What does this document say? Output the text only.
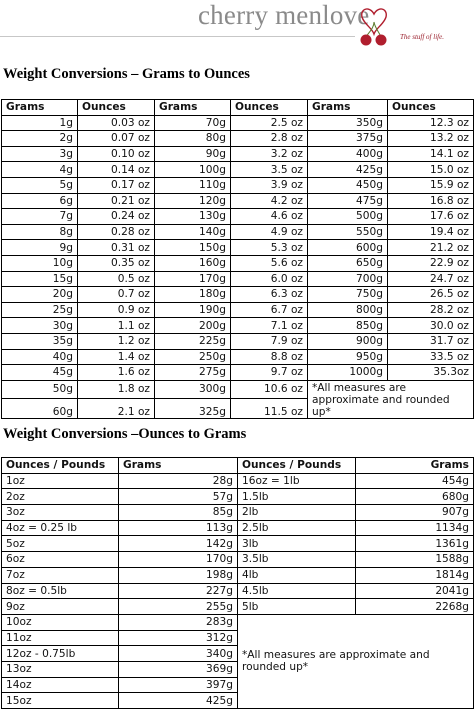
cherry menlove
The stuff of life.
Weight Conversions – Grams to Ounces
Grams	Ounces	Grams	Ounces	Grams	Ounces
1g	0.03 oz	70g	2.5 oz	350g	12.3 oz
2g	0.07 oz	80g	2.8 oz	375g	13.2 oz
3g	0.10 oz	90g	3.2 oz	400g	14.1 oz
4g	0.14 oz	100g	3.5 oz	425g	15.0 oz
5g	0.17 oz	110g	3.9 oz	450g	15.9 oz
6g	0.21 oz	120g	4.2 oz	475g	16.8 oz
7g	0.24 oz	130g	4.6 oz	500g	17.6 oz
8g	0.28 oz	140g	4.9 oz	550g	19.4 oz
9g	0.31 oz	150g	5.3 oz	600g	21.2 oz
10g	0.35 oz	160g	5.6 oz	650g	22.9 oz
15g	0.5 oz	170g	6.0 oz	700g	24.7 oz
20g	0.7 oz	180g	6.3 oz	750g	26.5 oz
25g	0.9 oz	190g	6.7 oz	800g	28.2 oz
30g	1.1 oz	200g	7.1 oz	850g	30.0 oz
35g	1.2 oz	225g	7.9 oz	900g	31.7 oz
40g	1.4 oz	250g	8.8 oz	950g	33.5 oz
45g	1.6 oz	275g	9.7 oz	1000g	35.3oz
50g	1.8 oz	300g	10.6 oz	*All measures are approximate and rounded up*	
60g	2.1 oz	325g	11.5 oz		
Weight Conversions –Ounces to Grams
Ounces / Pounds	Grams	Ounces / Pounds	Grams
1oz	28g	16oz = 1lb	454g
2oz	57g	1.5lb	680g
3oz	85g	2lb	907g
4oz = 0.25 lb	113g	2.5lb	1134g
5oz	142g	3lb	1361g
6oz	170g	3.5lb	1588g
7oz	198g	4lb	1814g
8oz = 0.5lb	227g	4.5lb	2041g
9oz	255g	5lb	2268g
10oz	283g	*All measures are approximate and rounded up*	
11oz	312g		
12oz - 0.75lb	340g		
13oz	369g		
14oz	397g		
15oz	425g		
